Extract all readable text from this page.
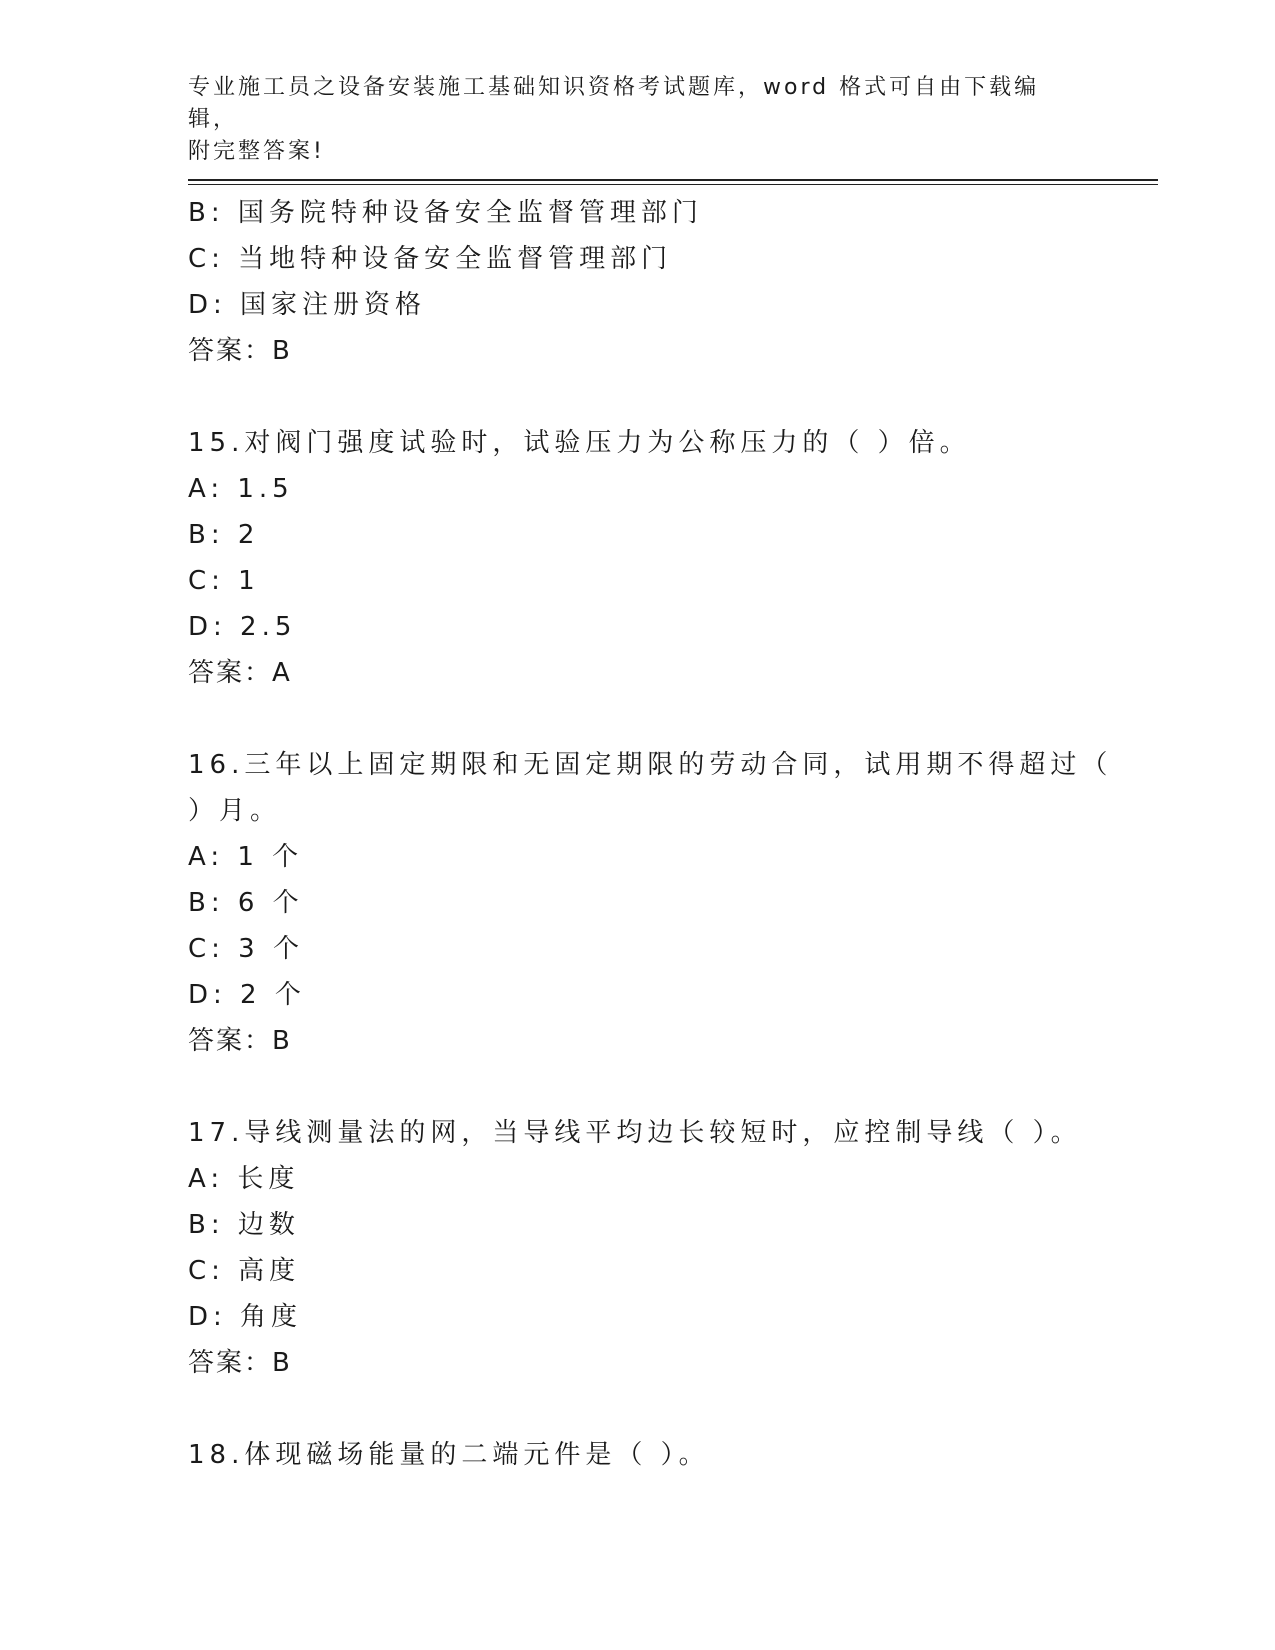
专业施工员之设备安装施工基础知识资格考试题库，word 格式可自由下载编辑，
附完整答案!
B: 国务院特种设备安全监督管理部门
C: 当地特种设备安全监督管理部门
D: 国家注册资格
答案：B
15.对阀门强度试验时，试验压力为公称压力的（ ）倍。
A: 1.5
B: 2
C: 1
D: 2.5
答案：A
16.三年以上固定期限和无固定期限的劳动合同，试用期不得超过（
）月。
A: 1 个
B: 6 个
C: 3 个
D: 2 个
答案：B
17.导线测量法的网，当导线平均边长较短时，应控制导线（ ）。
A: 长度
B: 边数
C: 高度
D: 角度
答案：B
18.体现磁场能量的二端元件是（ ）。
